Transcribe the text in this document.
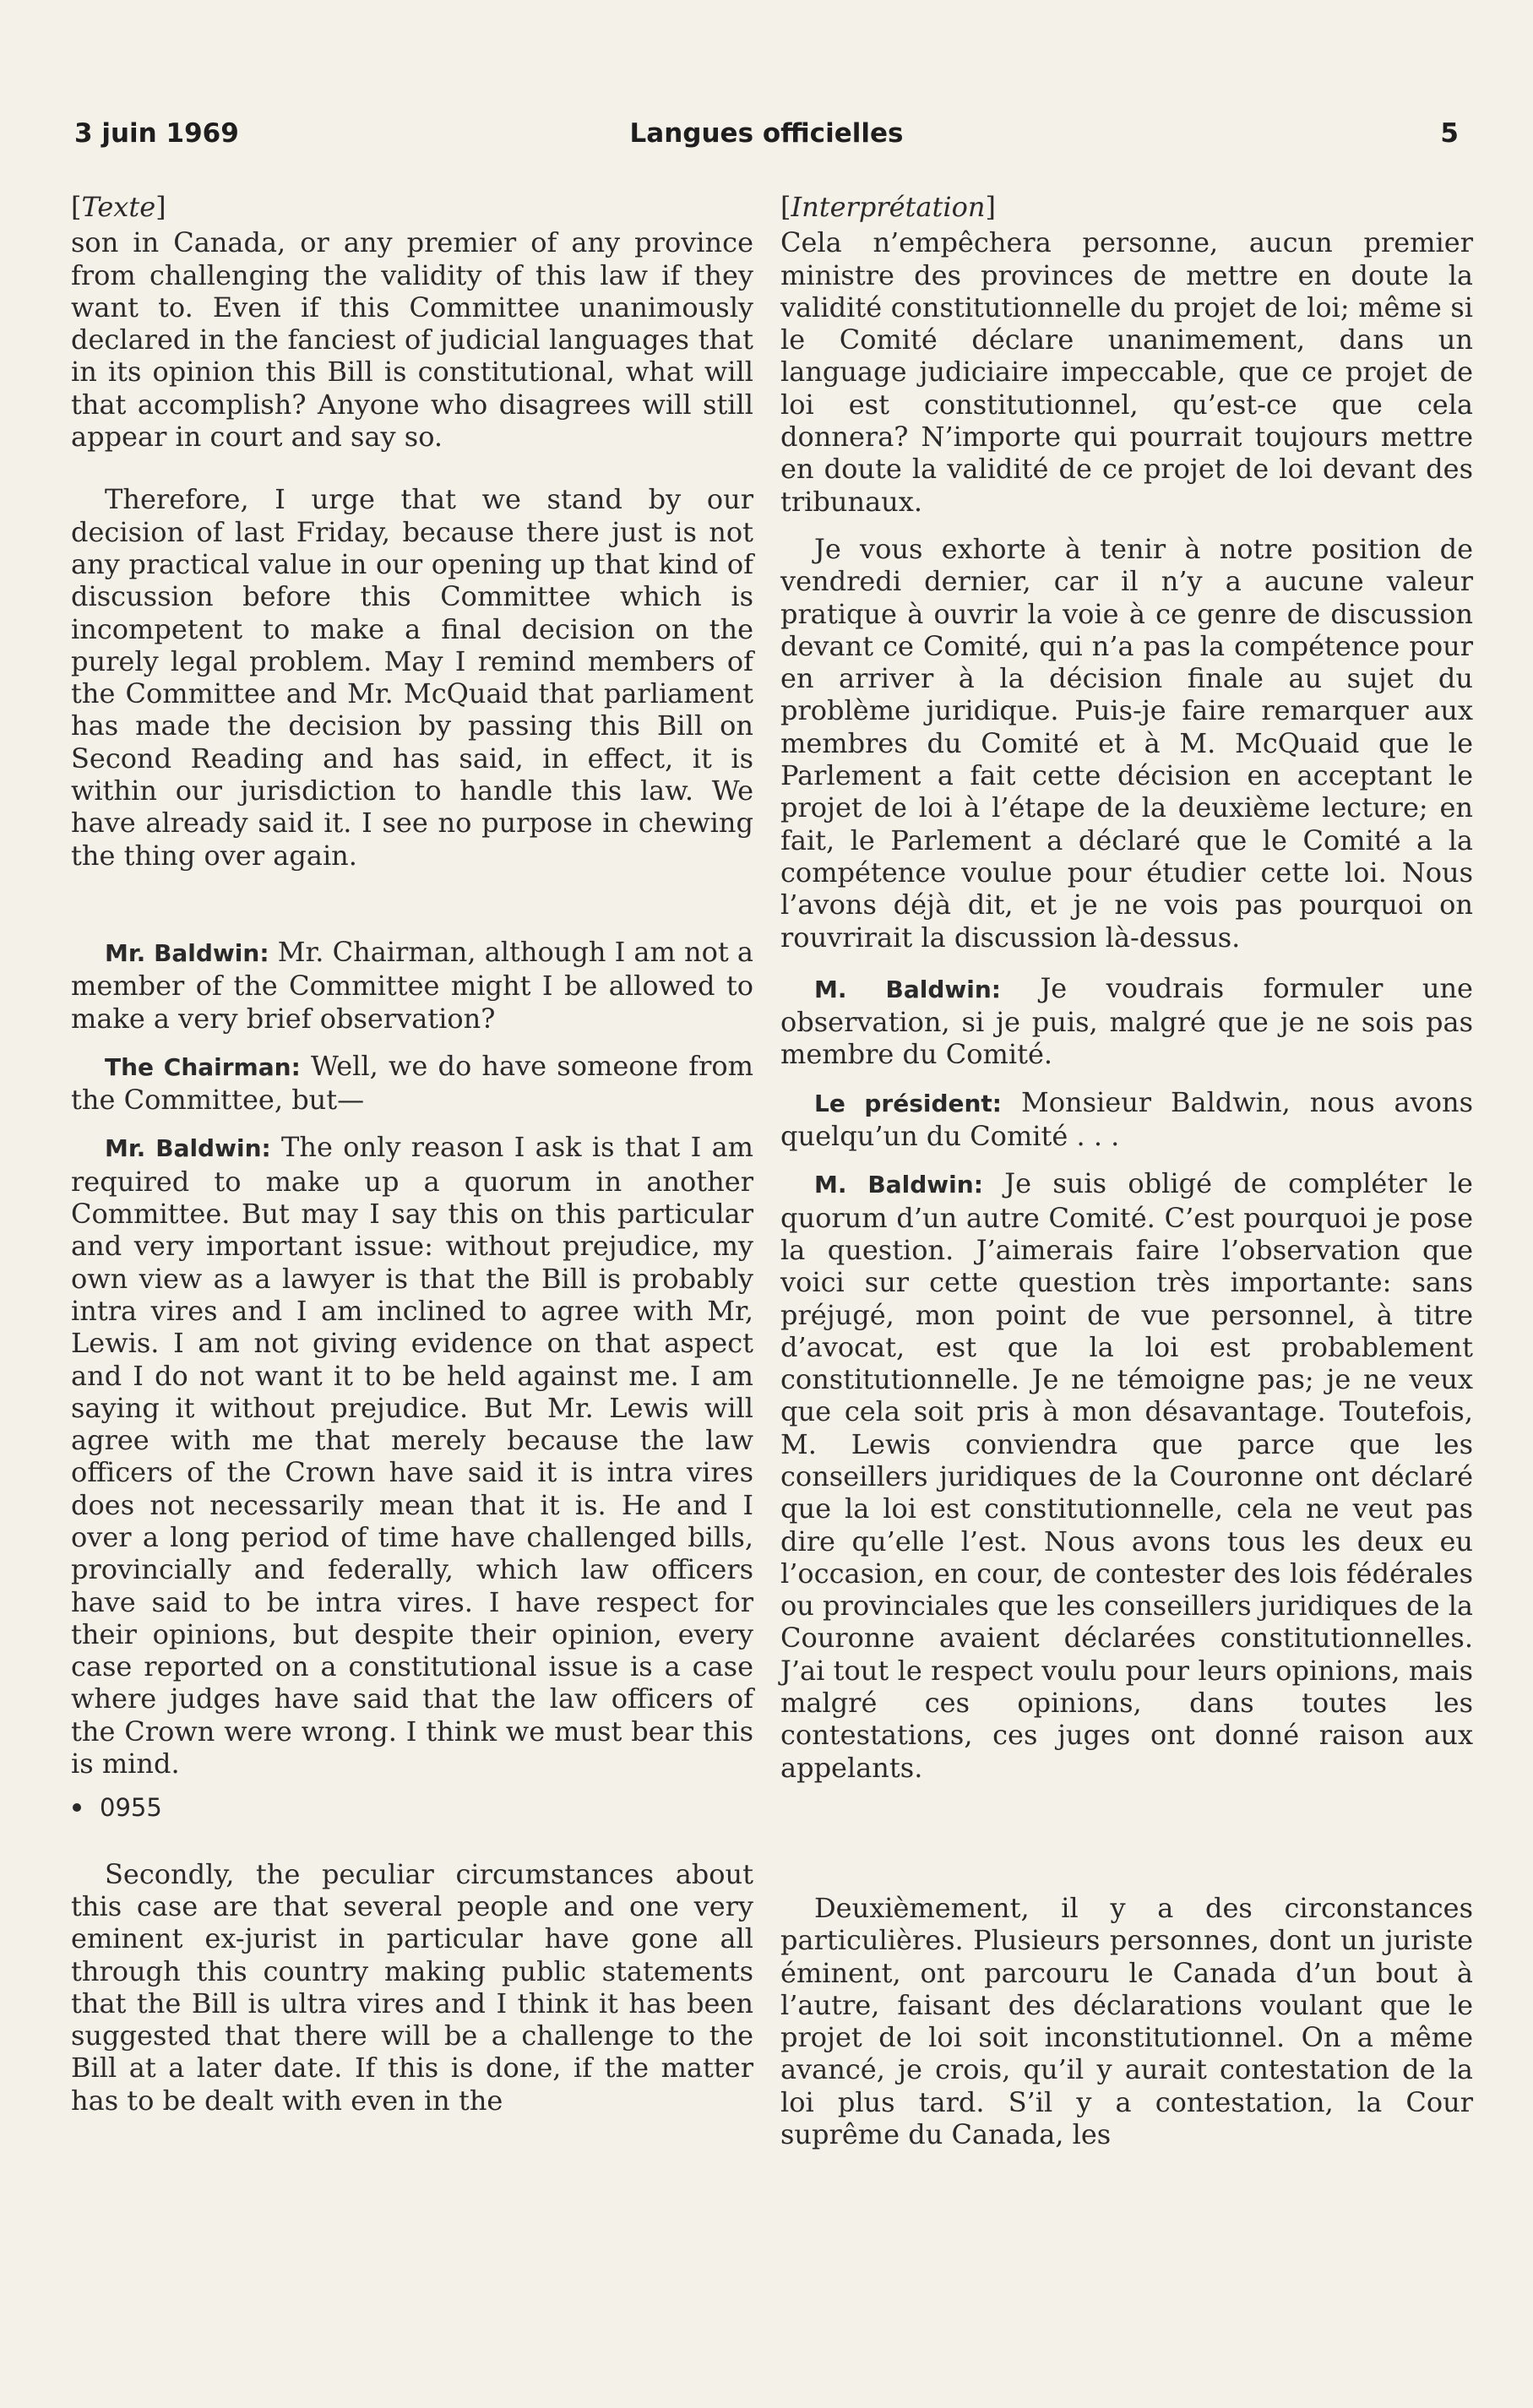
3 juin 1969	Langues officielles	5
[Texte]

son in Canada, or any premier of any province from challenging the validity of this law if they want to. Even if this Committee unanimously declared in the fanciest of judicial languages that in its opinion this Bill is constitutional, what will that accomplish? Anyone who disagrees will still appear in court and say so.

Therefore, I urge that we stand by our decision of last Friday, because there just is not any practical value in our opening up that kind of discussion before this Committee which is incompetent to make a final decision on the purely legal problem. May I remind members of the Committee and Mr. McQuaid that parliament has made the decision by passing this Bill on Second Reading and has said, in effect, it is within our jurisdiction to handle this law. We have already said it. I see no purpose in chewing the thing over again.

Mr. Baldwin: Mr. Chairman, although I am not a member of the Committee might I be allowed to make a very brief observation?

The Chairman: Well, we do have someone from the Committee, but—

Mr. Baldwin: The only reason I ask is that I am required to make up a quorum in another Committee. But may I say this on this particular and very important issue: without prejudice, my own view as a lawyer is that the Bill is probably intra vires and I am inclined to agree with Mr, Lewis. I am not giving evidence on that aspect and I do not want it to be held against me. I am saying it without prejudice. But Mr. Lewis will agree with me that merely because the law officers of the Crown have said it is intra vires does not necessarily mean that it is. He and I over a long period of time have challenged bills, provincially and federally, which law officers have said to be intra vires. I have respect for their opinions, but despite their opinion, every case reported on a constitutional issue is a case where judges have said that the law officers of the Crown were wrong. I think we must bear this is mind.

0955

Secondly, the peculiar circumstances about this case are that several people and one very eminent ex-jurist in particular have gone all through this country making public statements that the Bill is ultra vires and I think it has been suggested that there will be a challenge to the Bill at a later date. If this is done, if the matter has to be dealt with even in the

[Interprétation]

Cela n’empêchera personne, aucun premier ministre des provinces de mettre en doute la validité constitutionnelle du projet de loi; même si le Comité déclare unanimement, dans un language judiciaire impeccable, que ce projet de loi est constitutionnel, qu’est-ce que cela donnera? N’importe qui pourrait toujours mettre en doute la validité de ce projet de loi devant des tribunaux.

Je vous exhorte à tenir à notre position de vendredi dernier, car il n’y a aucune valeur pratique à ouvrir la voie à ce genre de discussion devant ce Comité, qui n’a pas la compétence pour en arriver à la décision finale au sujet du problème juridique. Puis-je faire remarquer aux membres du Comité et à M. McQuaid que le Parlement a fait cette décision en acceptant le projet de loi à l’étape de la deuxième lecture; en fait, le Parlement a déclaré que le Comité a la compétence voulue pour étudier cette loi. Nous l’avons déjà dit, et je ne vois pas pourquoi on rouvrirait la discussion là-dessus.

M. Baldwin: Je voudrais formuler une observation, si je puis, malgré que je ne sois pas membre du Comité.

Le président: Monsieur Baldwin, nous avons quelqu’un du Comité . . .

M. Baldwin: Je suis obligé de compléter le quorum d’un autre Comité. C’est pourquoi je pose la question. J’aimerais faire l’observation que voici sur cette question très importante: sans préjugé, mon point de vue personnel, à titre d’avocat, est que la loi est probablement constitutionnelle. Je ne témoigne pas; je ne veux que cela soit pris à mon désavantage. Toutefois, M. Lewis conviendra que parce que les conseillers juridiques de la Couronne ont déclaré que la loi est constitutionnelle, cela ne veut pas dire qu’elle l’est. Nous avons tous les deux eu l’occasion, en cour, de contester des lois fédérales ou provinciales que les conseillers juridiques de la Couronne avaient déclarées constitutionnelles. J’ai tout le respect voulu pour leurs opinions, mais malgré ces opinions, dans toutes les contestations, ces juges ont donné raison aux appelants.

Deuxièmement, il y a des circonstances particulières. Plusieurs personnes, dont un juriste éminent, ont parcouru le Canada d’un bout à l’autre, faisant des déclarations voulant que le projet de loi soit inconstitutionnel. On a même avancé, je crois, qu’il y aurait contestation de la loi plus tard. S’il y a contestation, la Cour suprême du Canada, les
